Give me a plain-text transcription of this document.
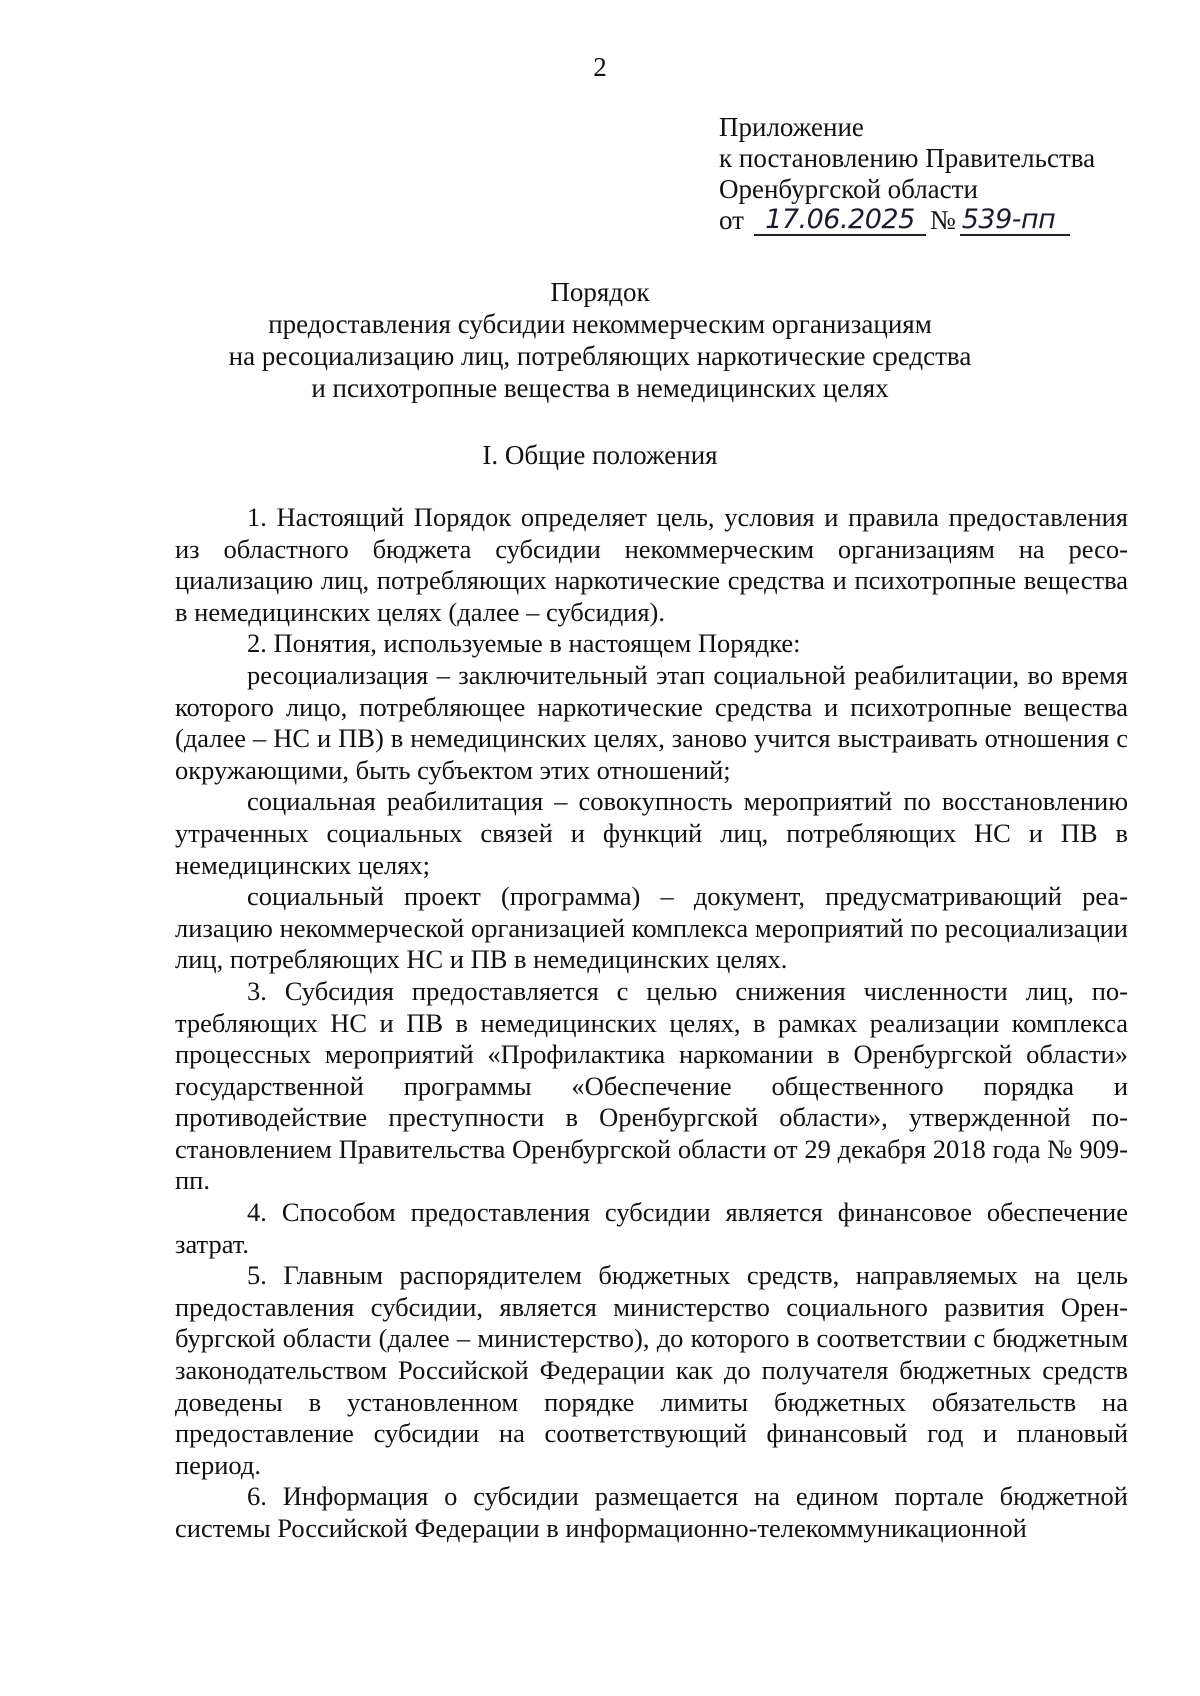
2
Приложение
к постановлению Правительства
Оренбургской области
от 17.06.2025 № 539-пп
Порядок
предоставления субсидии некоммерческим организациям
на ресоциализацию лиц, потребляющих наркотические средства
и психотропные вещества в немедицинских целях
I. Общие положения

1. Настоящий Порядок определяет цель, условия и правила предоставления из областного бюджета субсидии некоммерческим организациям на ресоциализацию лиц, потребляющих наркотические средства и психотропные вещества в немедицинских целях (далее – субсидия).

2. Понятия, используемые в настоящем Порядке:

ресоциализация – заключительный этап социальной реабилитации, во время которого лицо, потребляющее наркотические средства и психотропные вещества (далее – НС и ПВ) в немедицинских целях, заново учится выстраивать отношения с окружающими, быть субъектом этих отношений;

социальная реабилитация – совокупность мероприятий по восстановлению утраченных социальных связей и функций лиц, потребляющих НС и ПВ в немедицинских целях;

социальный проект (программа) – документ, предусматривающий реализацию некоммерческой организацией комплекса мероприятий по ресоциализации лиц, потребляющих НС и ПВ в немедицинских целях.

3. Субсидия предоставляется с целью снижения численности лиц, потребляющих НС и ПВ в немедицинских целях, в рамках реализации комплекса процессных мероприятий «Профилактика наркомании в Оренбургской области» государственной программы «Обеспечение общественного порядка и противодействие преступности в Оренбургской области», утвержденной постановлением Правительства Оренбургской области от 29 декабря 2018 года № 909-пп.

4. Способом предоставления субсидии является финансовое обеспечение затрат.

5. Главным распорядителем бюджетных средств, направляемых на цель предоставления субсидии, является министерство социального развития Оренбургской области (далее – министерство), до которого в соответствии с бюджетным законодательством Российской Федерации как до получателя бюджетных средств доведены в установленном порядке лимиты бюджетных обязательств на предоставление субсидии на соответствующий финансовый год и плановый период.

6. Информация о субсидии размещается на едином портале бюджетной системы Российской Федерации в информационно-телекоммуникационной
